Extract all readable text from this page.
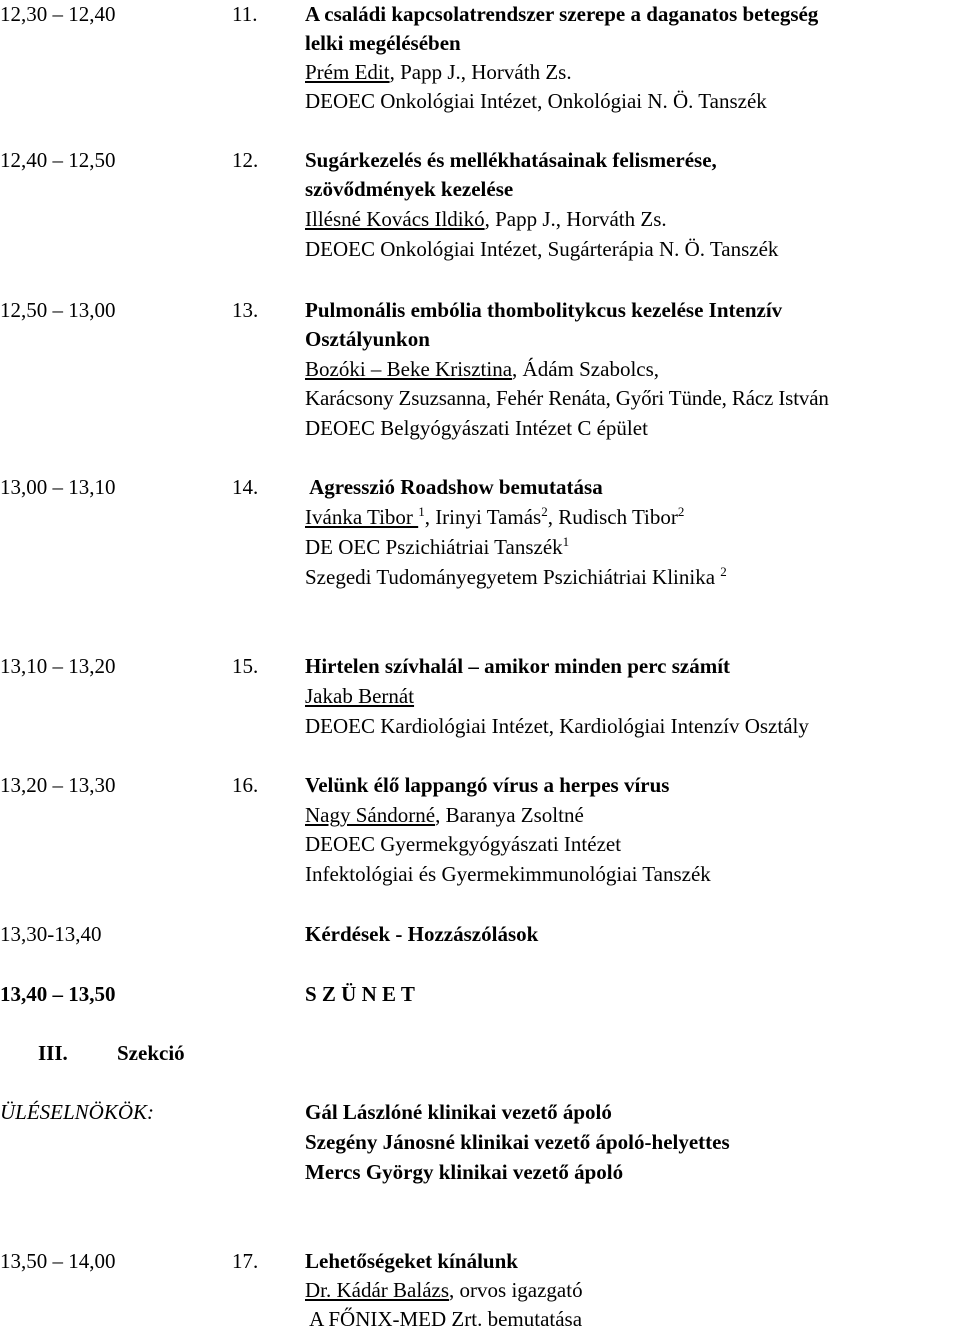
12,30 – 12,40	11. A családi kapcsolatrendszer szerepe a daganatos betegség
lelki megélésében
Prém Edit, Papp J., Horváth Zs.
DEOEC Onkológiai Intézet, Onkológiai N. Ö. Tanszék
12,40 – 12,50	12. Sugárkezelés és mellékhatásainak felismerése,
szövődmények kezelése
Illésné Kovács Ildikó, Papp J., Horváth Zs.
DEOEC Onkológiai Intézet, Sugárterápia N. Ö. Tanszék
12,50 – 13,00	13. Pulmonális embólia thombolitykcus kezelése Intenzív
Osztályunkon
Bozóki – Beke Krisztina, Ádám Szabolcs,
Karácsony Zsuzsanna, Fehér Renáta, Győri Tünde, Rácz István
DEOEC Belgyógyászati Intézet C épület
13,00 – 13,10	14. Agresszió Roadshow bemutatása
Ivánka Tibor $^1$, Irinyi Tamás$^2$, Rudisch Tibor$^2$
DE OEC Pszichiátriai Tanszék$^1$
Szegedi Tudományegyetem Pszichiátriai Klinika $^2$
13,10 – 13,20	15. Hirtelen szívhalál – amikor minden perc számít
Jakab Bernát
DEOEC Kardiológiai Intézet, Kardiológiai Intenzív Osztály
13,20 – 13,30	16. Velünk élő lappangó vírus a herpes vírus
Nagy Sándorné, Baranya Zsoltné
DEOEC Gyermekgyógyászati Intézet
Infektológiai és Gyermekimmunológiai Tanszék
13,30-13,40	Kérdések - Hozzászólások
13,40 – 13,50	S Z Ü N E T
III. Szekció
ÜLÉSELNÖKÖK:	Gál Lászlóné klinikai vezető ápoló
Szegény Jánosné klinikai vezető ápoló-helyettes
Mercs György klinikai vezető ápoló
13,50 – 14,00	17. Lehetőségeket kínálunk
Dr. Kádár Balázs, orvos igazgató
A FŐNIX-MED Zrt. bemutatása
